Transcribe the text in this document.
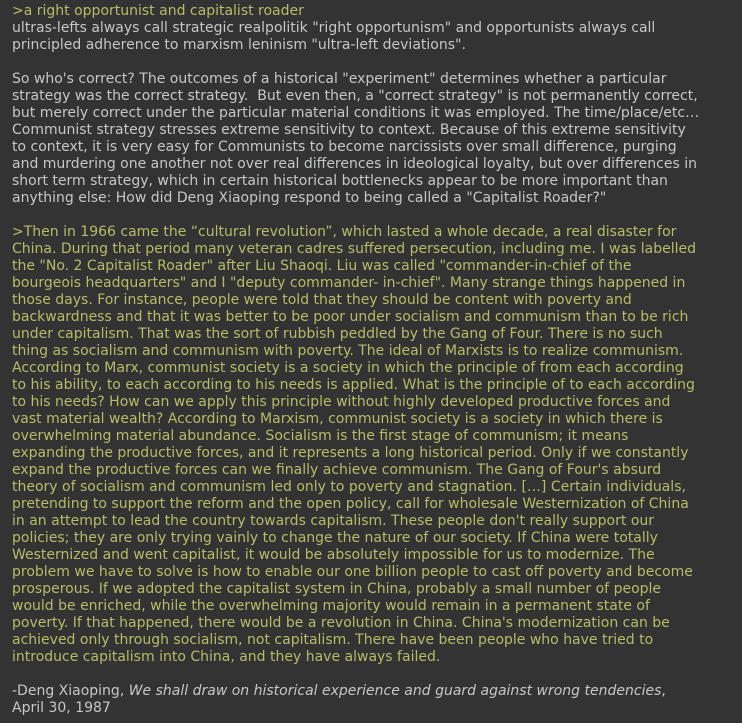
>a right opportunist and capitalist roader
ultras-lefts always call strategic realpolitik "right opportunism" and opportunists always call
principled adherence to marxism leninism "ultra-left deviations".

So who's correct? The outcomes of a historical "experiment" determines whether a particular
strategy was the correct strategy.  But even then, a "correct strategy" is not permanently correct,
but merely correct under the particular material conditions it was employed. The time/place/etc…
Communist strategy stresses extreme sensitivity to context. Because of this extreme sensitivity
to context, it is very easy for Communists to become narcissists over small difference, purging
and murdering one another not over real differences in ideological loyalty, but over differences in
short term strategy, which in certain historical bottlenecks appear to be more important than
anything else: How did Deng Xiaoping respond to being called a "Capitalist Roader?"

>Then in 1966 came the “cultural revolution”, which lasted a whole decade, a real disaster for
China. During that period many veteran cadres suffered persecution, including me. I was labelled
the "No. 2 Capitalist Roader" after Liu Shaoqi. Liu was called "commander-in-chief of the
bourgeois headquarters" and I "deputy commander- in-chief". Many strange things happened in
those days. For instance, people were told that they should be content with poverty and
backwardness and that it was better to be poor under socialism and communism than to be rich
under capitalism. That was the sort of rubbish peddled by the Gang of Four. There is no such
thing as socialism and communism with poverty. The ideal of Marxists is to realize communism.
According to Marx, communist society is a society in which the principle of from each according
to his ability, to each according to his needs is applied. What is the principle of to each according
to his needs? How can we apply this principle without highly developed productive forces and
vast material wealth? According to Marxism, communist society is a society in which there is
overwhelming material abundance. Socialism is the first stage of communism; it means
expanding the productive forces, and it represents a long historical period. Only if we constantly
expand the productive forces can we finally achieve communism. The Gang of Four's absurd
theory of socialism and communism led only to poverty and stagnation. […] Certain individuals,
pretending to support the reform and the open policy, call for wholesale Westernization of China
in an attempt to lead the country towards capitalism. These people don't really support our
policies; they are only trying vainly to change the nature of our society. If China were totally
Westernized and went capitalist, it would be absolutely impossible for us to modernize. The
problem we have to solve is how to enable our one billion people to cast off poverty and become
prosperous. If we adopted the capitalist system in China, probably a small number of people
would be enriched, while the overwhelming majority would remain in a permanent state of
poverty. If that happened, there would be a revolution in China. China's modernization can be
achieved only through socialism, not capitalism. There have been people who have tried to
introduce capitalism into China, and they have always failed.

-Deng Xiaoping, We shall draw on historical experience and guard against wrong tendencies,
April 30, 1987
